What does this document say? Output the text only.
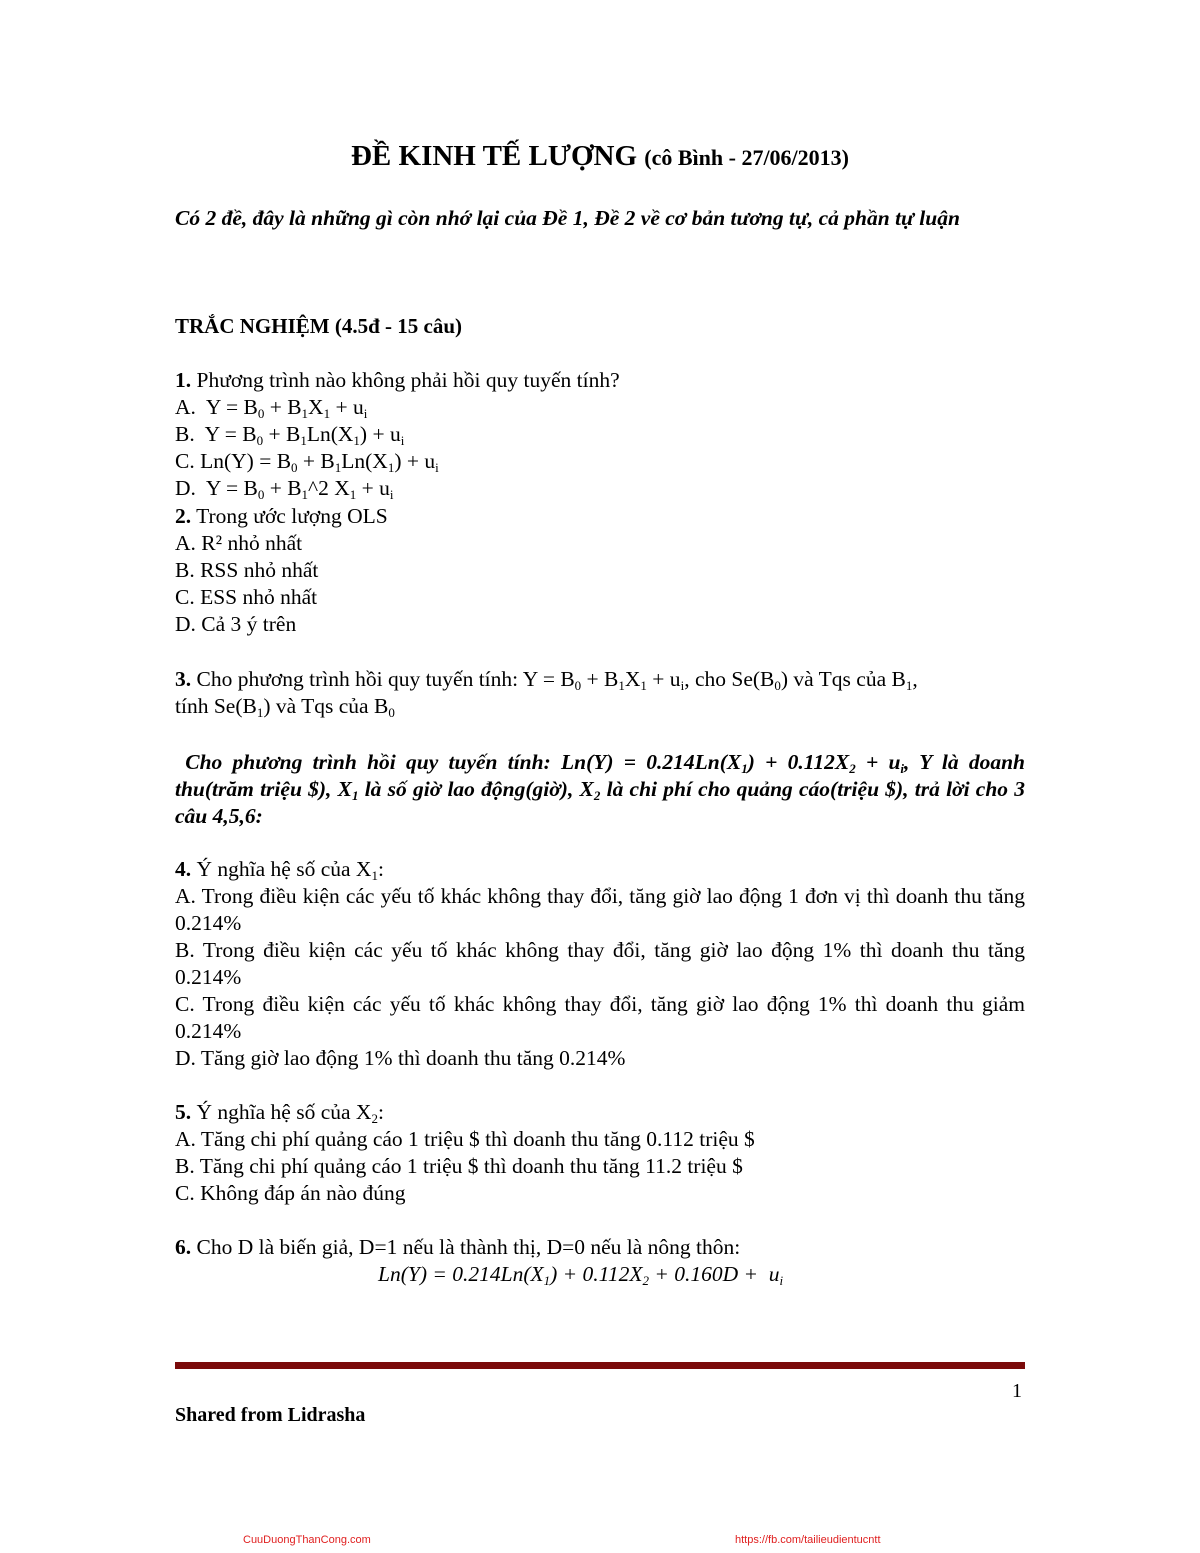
ĐỀ KINH TẾ LƯỢNG (cô Bình - 27/06/2013)
Có 2 đề, đây là những gì còn nhớ lại của Đề 1, Đề 2 về cơ bản tương tự, cả phần tự luận
TRẮC NGHIỆM (4.5đ - 15 câu)
1. Phương trình nào không phải hồi quy tuyến tính?
A.  $Y = B_0 + B_1X_1 + u_i$
B.  $Y = B_0 + B_1Ln(X_1) + u_i$
C. $Ln(Y) = B_0 + B_1Ln(X_1) + u_i$
D.  $Y = B_0$ + $B_1\^{}2$ $X_1 + u_i$
2. Trong ước lượng OLS
A. R² nhỏ nhất
B. RSS nhỏ nhất
C. ESS nhỏ nhất
D. Cả 3 ý trên
3. Cho phương trình hồi quy tuyến tính: $Y = B_0 + B_1X_1 + u_i$, cho $Se(B_0)$ và Tqs của $B_1$,
tính $Se(B_1)$ và Tqs của $B_0$
Cho phương trình hồi quy tuyến tính: $Ln(Y) = 0.214Ln(X_1) + 0.112X_2 + u_i$, Y là doanh thu(trăm triệu $), $X_1$ là số giờ lao động(giờ), $X_2$ là chi phí cho quảng cáo(triệu $), trả lời cho 3 câu 4,5,6:
4. Ý nghĩa hệ số của $X_1$:
A. Trong điều kiện các yếu tố khác không thay đổi, tăng giờ lao động 1 đơn vị thì doanh thu tăng 0.214%
B. Trong điều kiện các yếu tố khác không thay đổi, tăng giờ lao động 1% thì doanh thu tăng 0.214%
C. Trong điều kiện các yếu tố khác không thay đổi, tăng giờ lao động 1% thì doanh thu giảm 0.214%
D. Tăng giờ lao động 1% thì doanh thu tăng 0.214%
5. Ý nghĩa hệ số của $X_2$:
A. Tăng chi phí quảng cáo 1 triệu $ thì doanh thu tăng 0.112 triệu $
B. Tăng chi phí quảng cáo 1 triệu $ thì doanh thu tăng 11.2 triệu $
C. Không đáp án nào đúng
6. Cho D là biến giả, D=1 nếu là thành thị, D=0 nếu là nông thôn:
$Ln(Y) = 0.214Ln(X_1) + 0.112X_2 + 0.160D + u_i$
1
Shared from Lidrasha
CuuDuongThanCong.com	https://fb.com/tailieudientucntt
